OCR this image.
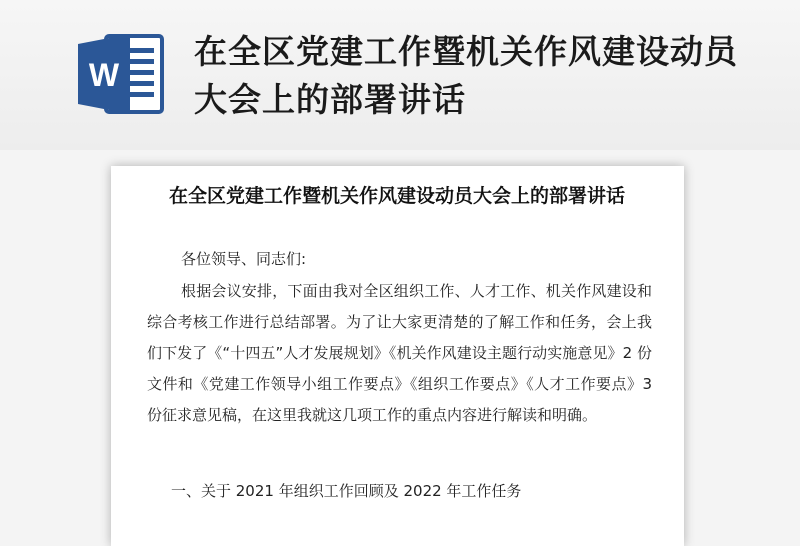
W
在全区党建工作暨机关作风建设动员大会上的部署讲话
在全区党建工作暨机关作风建设动员大会上的部署讲话
各位领导、同志们:
根据会议安排，下面由我对全区组织工作、人才工作、机关作风建设和综合考核工作进行总结部署。为了让大家更清楚的了解工作和任务，会上我们下发了《“十四五”人才发展规划》《机关作风建设主题行动实施意见》2 份文件和《党建工作领导小组工作要点》《组织工作要点》《人才工作要点》3 份征求意见稿，在这里我就这几项工作的重点内容进行解读和明确。
一、关于 2021 年组织工作回顾及 2022 年工作任务
